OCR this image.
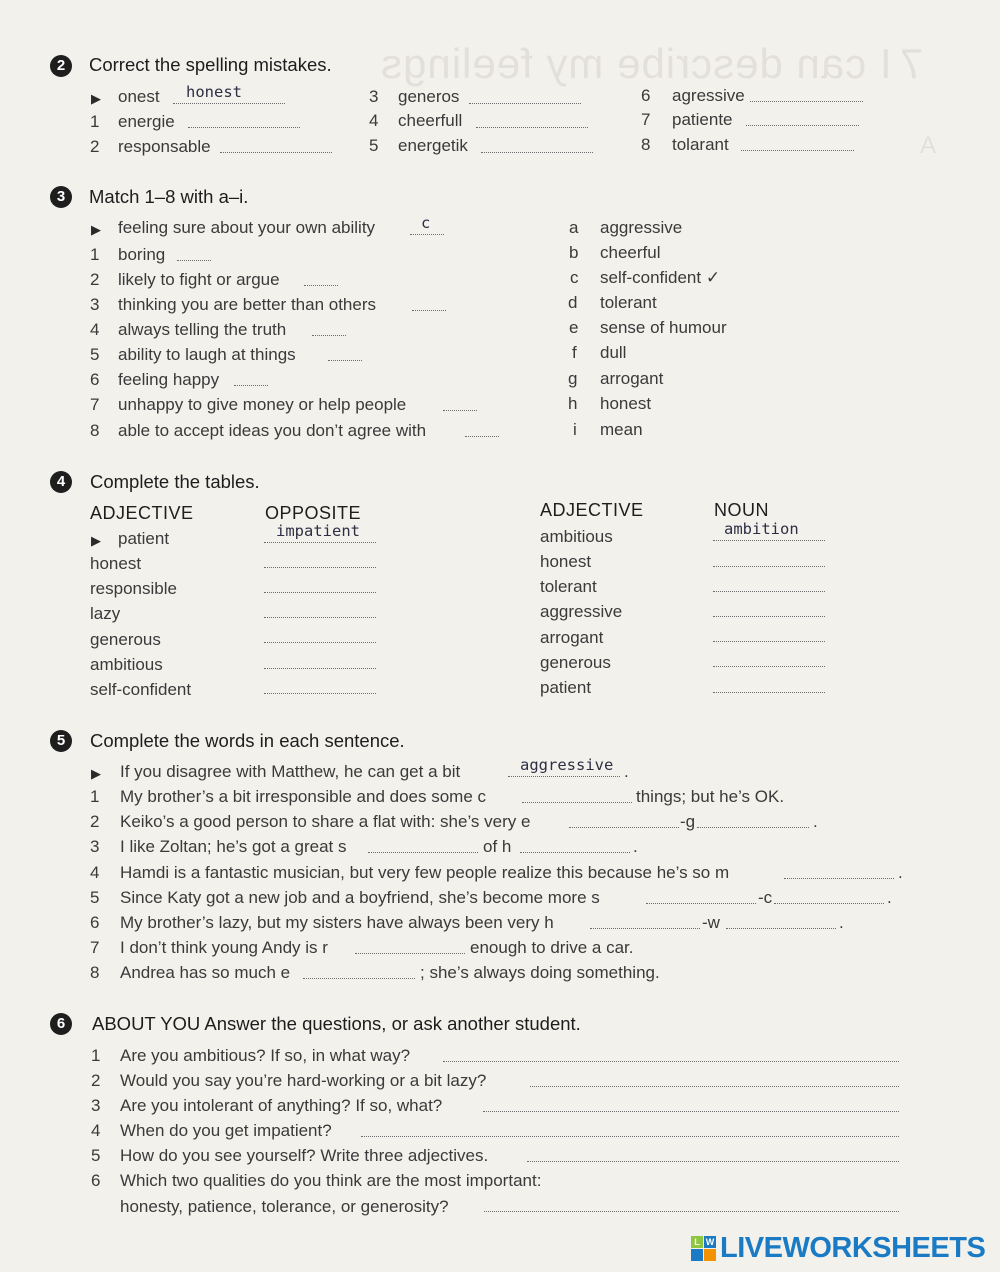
I can describe my feelings 7
A
2	Correct the spelling mistakes.
▶ onest honest
1 energie
2 responsable
3 generos
4 cheerfull
5 energetik
6 agressive
7 patiente
8 tolarant
3	Match 1–8 with a–i.
▶ feeling sure about your own ability	c
1 boring
2 likely to fight or argue
3 thinking you are better than others
4 always telling the truth
5 ability to laugh at things
6 feeling happy
7 unhappy to give money or help people
8 able to accept ideas you don’t agree with
a aggressive
b cheerful
c self-confident ✓
d tolerant
e sense of humour
f dull
g arrogant
h honest
i mean
4	Complete the tables.
ADJECTIVE	OPPOSITE	ADJECTIVE	NOUN
▶ patient	impatient
honest
responsible
lazy
generous
ambitious
self-confident
ambitious	ambition
honest
tolerant
aggressive
arrogant
generous
patient
5	Complete the words in each sentence.
▶ If you disagree with Matthew, he can get a bit	aggressive .
1 My brother’s a bit irresponsible and does some c	things; but he’s OK.
2 Keiko’s a good person to share a flat with: she’s very e	-g	.
3 I like Zoltan; he’s got a great s	of h	.
4 Hamdi is a fantastic musician, but very few people realize this because he’s so m	.
5 Since Katy got a new job and a boyfriend, she’s become more s	-c	.
6 My brother’s lazy, but my sisters have always been very h	-w	.
7 I don’t think young Andy is r	enough to drive a car.
8 Andrea has so much e	; she’s always doing something.
6	ABOUT YOU Answer the questions, or ask another student.
1 Are you ambitious? If so, in what way?
2 Would you say you’re hard-working or a bit lazy?
3 Are you intolerant of anything? If so, what?
4 When do you get impatient?
5 How do you see yourself? Write three adjectives.
6 Which two qualities do you think are the most important:
honesty, patience, tolerance, or generosity?
L W LIVEWORKSHEETS
